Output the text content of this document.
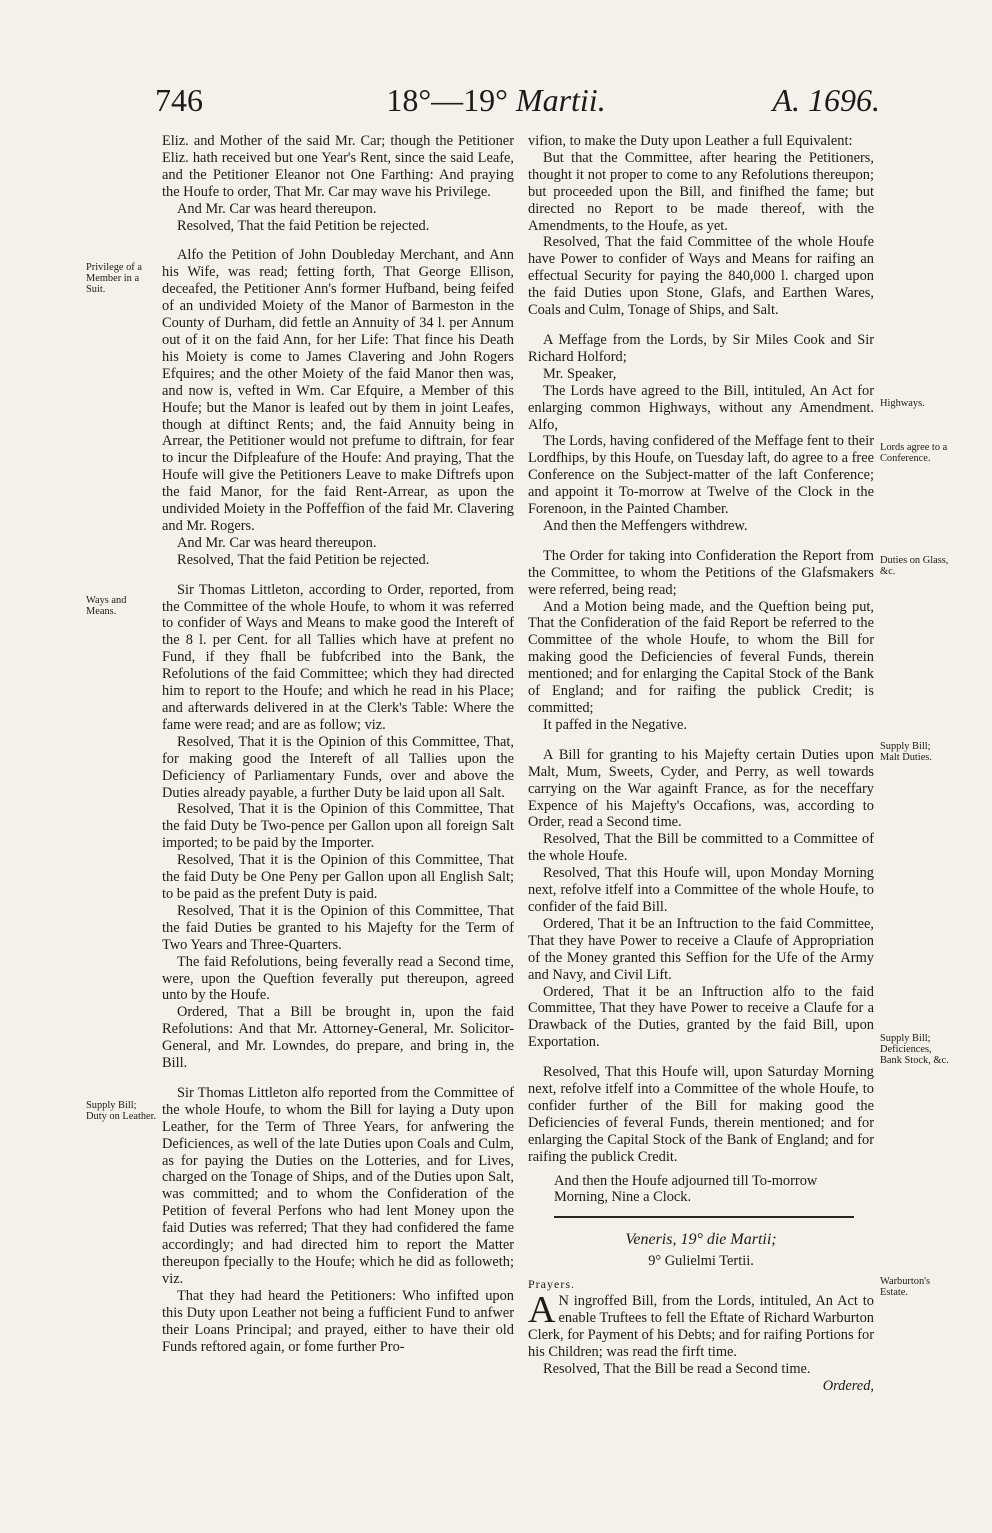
746	18°—19° Martii.	A. 1696.
Privilege of a Member in a Suit.
Ways and Means.
Supply Bill; Duty on Leather.
Highways.
Lords agree to a Conference.
Duties on Glass, &c.
Supply Bill; Malt Duties.
Supply Bill; Deficiences, Bank Stock, &c.
Warburton's Estate.

Eliz. and Mother of the said Mr. Car; though the Petitioner Eliz. hath received but one Year's Rent, since the said Leafe, and the Petitioner Eleanor not One Farthing: And praying the Houfe to order, That Mr. Car may wave his Privilege.

And Mr. Car was heard thereupon.

Resolved, That the faid Petition be rejected.

Alfo the Petition of John Doubleday Merchant, and Ann his Wife, was read; fetting forth, That George Ellison, deceafed, the Petitioner Ann's former Hufband, being feifed of an undivided Moiety of the Manor of Barmeston in the County of Durham, did fettle an Annuity of 34 l. per Annum out of it on the faid Ann, for her Life: That fince his Death his Moiety is come to James Clavering and John Rogers Efquires; and the other Moiety of the faid Manor then was, and now is, vefted in Wm. Car Efquire, a Member of this Houfe; but the Manor is leafed out by them in joint Leafes, though at diftinct Rents; and, the faid Annuity being in Arrear, the Petitioner would not prefume to diftrain, for fear to incur the Difpleafure of the Houfe: And praying, That the Houfe will give the Petitioners Leave to make Diftrefs upon the faid Manor, for the faid Rent-Arrear, as upon the undivided Moiety in the Poffeffion of the faid Mr. Clavering and Mr. Rogers.

And Mr. Car was heard thereupon.

Resolved, That the faid Petition be rejected.

Sir Thomas Littleton, according to Order, reported, from the Committee of the whole Houfe, to whom it was referred to confider of Ways and Means to make good the Intereft of the 8 l. per Cent. for all Tallies which have at prefent no Fund, if they fhall be fubfcribed into the Bank, the Refolutions of the faid Committee; which they had directed him to report to the Houfe; and which he read in his Place; and afterwards delivered in at the Clerk's Table: Where the fame were read; and are as follow; viz.

Resolved, That it is the Opinion of this Committee, That, for making good the Intereft of all Tallies upon the Deficiency of Parliamentary Funds, over and above the Duties already payable, a further Duty be laid upon all Salt.

Resolved, That it is the Opinion of this Committee, That the faid Duty be Two-pence per Gallon upon all foreign Salt imported; to be paid by the Importer.

Resolved, That it is the Opinion of this Committee, That the faid Duty be One Peny per Gallon upon all English Salt; to be paid as the prefent Duty is paid.

Resolved, That it is the Opinion of this Committee, That the faid Duties be granted to his Majefty for the Term of Two Years and Three-Quarters.

The faid Refolutions, being feverally read a Second time, were, upon the Queftion feverally put thereupon, agreed unto by the Houfe.

Ordered, That a Bill be brought in, upon the faid Refolutions: And that Mr. Attorney-General, Mr. Solicitor-General, and Mr. Lowndes, do prepare, and bring in, the Bill.

Sir Thomas Littleton alfo reported from the Committee of the whole Houfe, to whom the Bill for laying a Duty upon Leather, for the Term of Three Years, for anfwering the Deficiences, as well of the late Duties upon Coals and Culm, as for paying the Duties on the Lotteries, and for Lives, charged on the Tonage of Ships, and of the Duties upon Salt, was committed; and to whom the Confideration of the Petition of feveral Perfons who had lent Money upon the faid Duties was referred; That they had confidered the fame accordingly; and had directed him to report the Matter thereupon fpecially to the Houfe; which he did as followeth; viz.

That they had heard the Petitioners: Who infifted upon this Duty upon Leather not being a fufficient Fund to anfwer their Loans Principal; and prayed, either to have their old Funds reftored again, or fome further Pro-

vifion, to make the Duty upon Leather a full Equivalent:

But that the Committee, after hearing the Petitioners, thought it not proper to come to any Refolutions thereupon; but proceeded upon the Bill, and finifhed the fame; but directed no Report to be made thereof, with the Amendments, to the Houfe, as yet.

Resolved, That the faid Committee of the whole Houfe have Power to confider of Ways and Means for raifing an effectual Security for paying the 840,000 l. charged upon the faid Duties upon Stone, Glafs, and Earthen Wares, Coals and Culm, Tonage of Ships, and Salt.

A Meffage from the Lords, by Sir Miles Cook and Sir Richard Holford;

Mr. Speaker,

The Lords have agreed to the Bill, intituled, An Act for enlarging common Highways, without any Amendment. Alfo,

The Lords, having confidered of the Meffage fent to their Lordfhips, by this Houfe, on Tuesday laft, do agree to a free Conference on the Subject-matter of the laft Conference; and appoint it To-morrow at Twelve of the Clock in the Forenoon, in the Painted Chamber.

And then the Meffengers withdrew.

The Order for taking into Confideration the Report from the Committee, to whom the Petitions of the Glafsmakers were referred, being read;

And a Motion being made, and the Queftion being put, That the Confideration of the faid Report be referred to the Committee of the whole Houfe, to whom the Bill for making good the Deficiencies of feveral Funds, therein mentioned; and for enlarging the Capital Stock of the Bank of England; and for raifing the publick Credit; is committed;

It paffed in the Negative.

A Bill for granting to his Majefty certain Duties upon Malt, Mum, Sweets, Cyder, and Perry, as well towards carrying on the War againft France, as for the neceffary Expence of his Majefty's Occafions, was, according to Order, read a Second time.

Resolved, That the Bill be committed to a Committee of the whole Houfe.

Resolved, That this Houfe will, upon Monday Morning next, refolve itfelf into a Committee of the whole Houfe, to confider of the faid Bill.

Ordered, That it be an Inftruction to the faid Committee, That they have Power to receive a Claufe of Appropriation of the Money granted this Seffion for the Ufe of the Army and Navy, and Civil Lift.

Ordered, That it be an Inftruction alfo to the faid Committee, That they have Power to receive a Claufe for a Drawback of the Duties, granted by the faid Bill, upon Exportation.

Resolved, That this Houfe will, upon Saturday Morning next, refolve itfelf into a Committee of the whole Houfe, to confider further of the Bill for making good the Deficiencies of feveral Funds, therein mentioned; and for enlarging the Capital Stock of the Bank of England; and for raifing the publick Credit.

And then the Houfe adjourned till To-morrow Morning, Nine a Clock.

Veneris, 19° die Martii;
9° Gulielmi Tertii.
Prayers.

A N ingroffed Bill, from the Lords, intituled, An Act to enable Truftees to fell the Eftate of Richard Warburton Clerk, for Payment of his Debts; and for raifing Portions for his Children; was read the firft time.

Resolved, That the Bill be read a Second time.

Ordered,
